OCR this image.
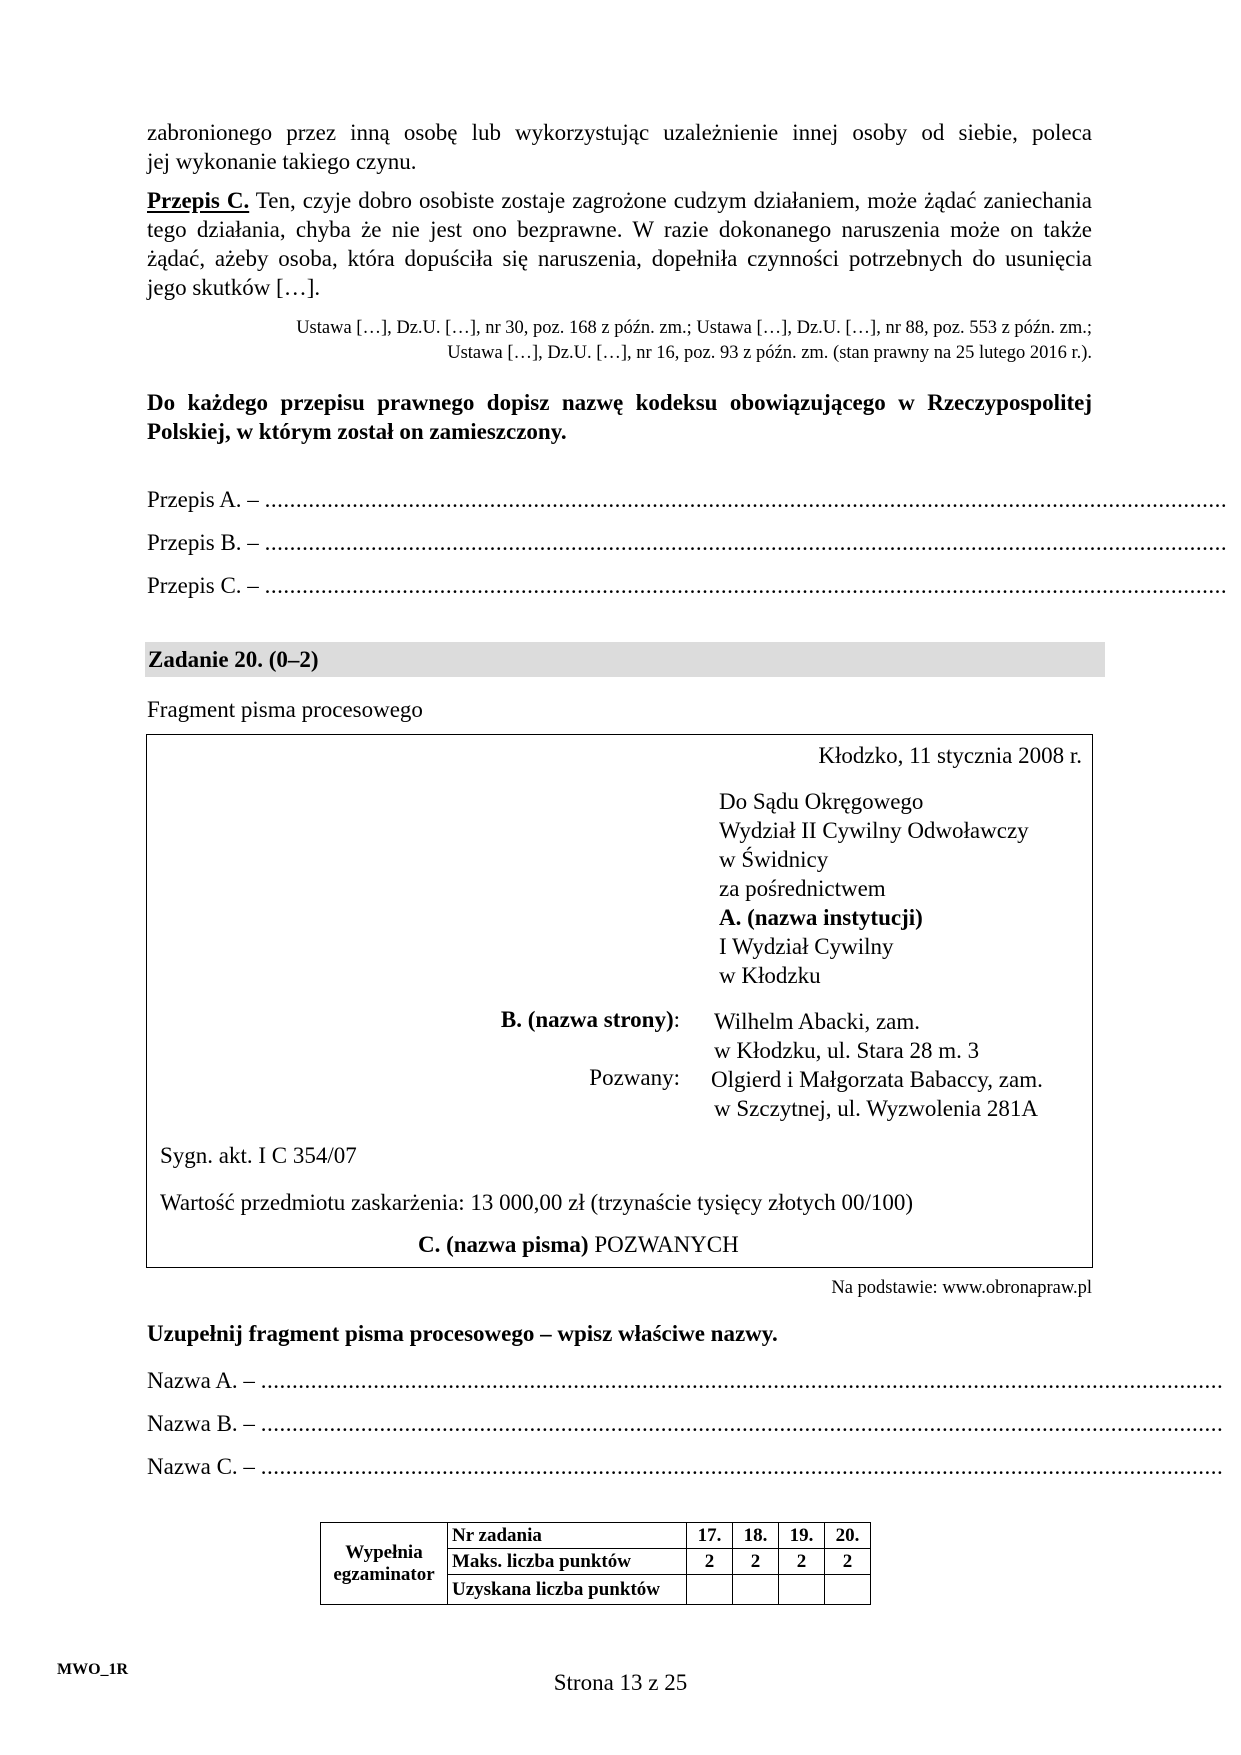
zabronionego przez inną osobę lub wykorzystując uzależnienie innej osoby od siebie, poleca
jej wykonanie takiego czynu.
Przepis C. Ten, czyje dobro osobiste zostaje zagrożone cudzym działaniem, może żądać zaniechania tego działania, chyba że nie jest ono bezprawne. W razie dokonanego naruszenia może on także żądać, ażeby osoba, która dopuściła się naruszenia, dopełniła czynności potrzebnych do usunięcia jego skutków […].
Ustawa […], Dz.U. […], nr 30, poz. 168 z późn. zm.; Ustawa […], Dz.U. […], nr 88, poz. 553 z późn. zm.;
Ustawa […], Dz.U. […], nr 16, poz. 93 z późn. zm. (stan prawny na 25 lutego 2016 r.).
Do każdego przepisu prawnego dopisz nazwę kodeksu obowiązującego w Rzeczypospolitej Polskiej, w którym został on zamieszczony.
Przepis A. – ..........................................................................................................................................................
Przepis B. – ..........................................................................................................................................................
Przepis C. – ..........................................................................................................................................................
Zadanie 20. (0–2)
Fragment pisma procesowego
Kłodzko, 11 stycznia 2008 r.
Do Sądu Okręgowego
Wydział II Cywilny Odwoławczy
w Świdnicy
za pośrednictwem
A. (nazwa instytucji)
I Wydział Cywilny
w Kłodzku
B. (nazwa strony): Wilhelm Abacki, zam.
w Kłodzku, ul. Stara 28 m. 3
Pozwany: Olgierd i Małgorzata Babaccy, zam.
w Szczytnej, ul. Wyzwolenia 281A
Sygn. akt. I C 354/07
Wartość przedmiotu zaskarżenia: 13 000,00 zł (trzynaście tysięcy złotych 00/100)
C. (nazwa pisma) POZWANYCH
Na podstawie: www.obronapraw.pl
Uzupełnij fragment pisma procesowego – wpisz właściwe nazwy.
Nazwa A. – ..........................................................................................................................................................
Nazwa B. – ..........................................................................................................................................................
Nazwa C. – ..........................................................................................................................................................
Wypełnia egzaminator	Nr zadania	17.	18.	19.	20.
	Maks. liczba punktów	2	2	2	2
	Uzyskana liczba punktów				
MWO_1R
Strona 13 z 25
